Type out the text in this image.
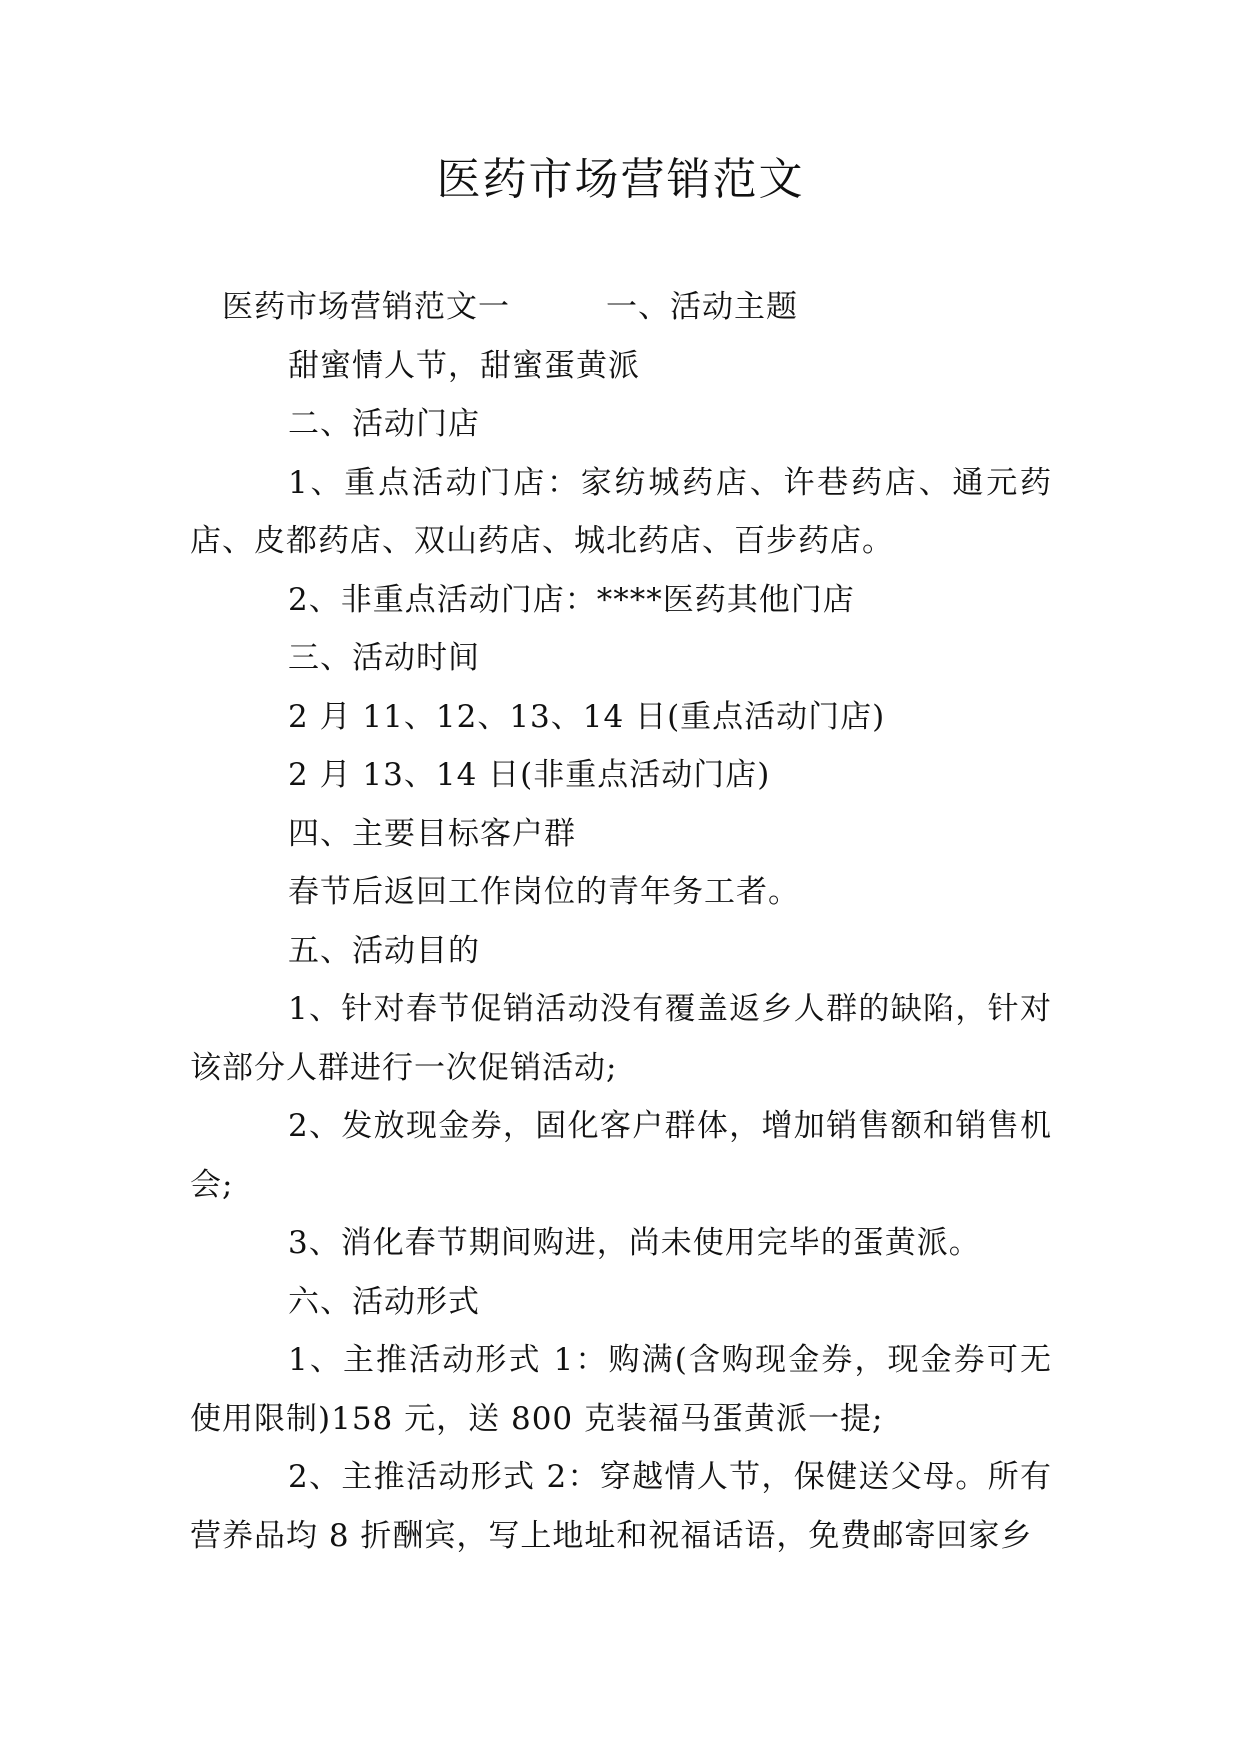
医药市场营销范文

医药市场营销范文一	一、活动主题

甜蜜情人节，甜蜜蛋黄派

二、活动门店

1、重点活动门店：家纺城药店、许巷药店、通元药店、皮都药店、双山药店、城北药店、百步药店。

2、非重点活动门店：****医药其他门店

三、活动时间

2 月 11、12、13、14 日(重点活动门店)

2 月 13、14 日(非重点活动门店)

四、主要目标客户群

春节后返回工作岗位的青年务工者。

五、活动目的

1、针对春节促销活动没有覆盖返乡人群的缺陷，针对该部分人群进行一次促销活动;

2、发放现金券，固化客户群体，增加销售额和销售机会;

3、消化春节期间购进，尚未使用完毕的蛋黄派。

六、活动形式

1、主推活动形式 1：购满(含购现金券，现金券可无使用限制)158 元，送 800 克装福马蛋黄派一提;

2、主推活动形式 2：穿越情人节，保健送父母。所有营养品均 8 折酬宾，写上地址和祝福话语，免费邮寄回家乡
